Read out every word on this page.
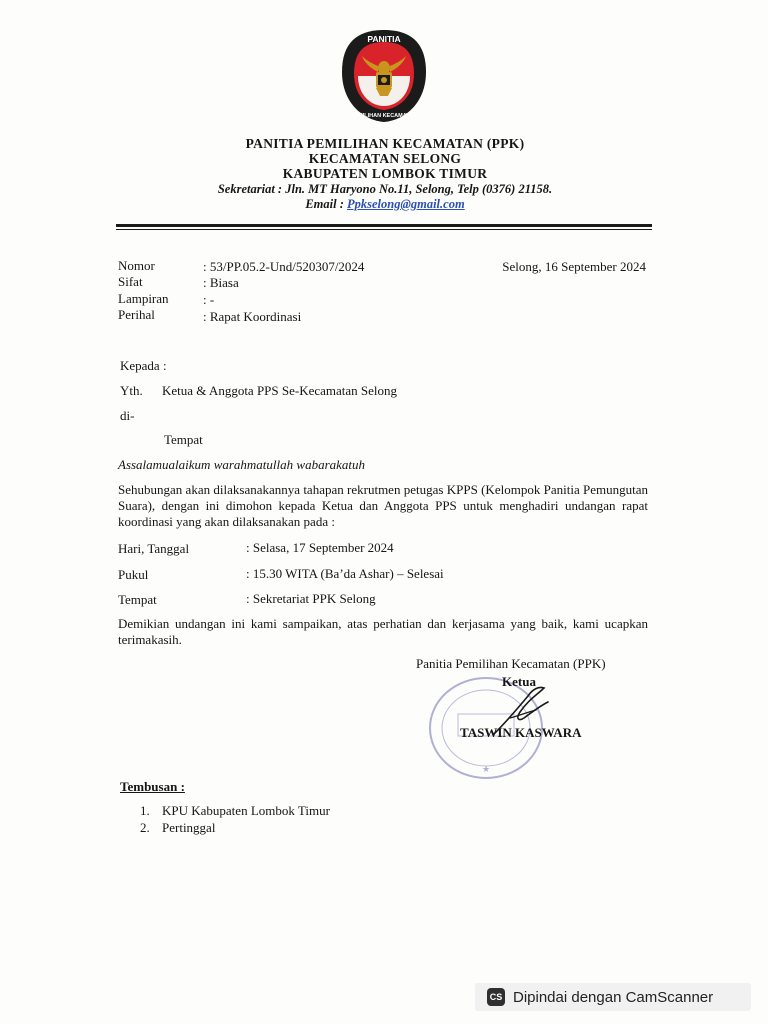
PANITIA
PEMILIHAN KECAMATAN
PANITIA PEMILIHAN KECAMATAN (PPK)
KECAMATAN SELONG
KABUPATEN LOMBOK TIMUR
Sekretariat : Jln. MT Haryono No.11, Selong, Telp (0376) 21158.
Email : Ppkselong@gmail.com
Nomor	: 53/PP.05.2-Und/520307/2024	Selong, 16 September 2024
Sifat	: Biasa
Lampiran	: -
Perihal	: Rapat Koordinasi
Kepada :
Yth. Ketua & Anggota PPS Se-Kecamatan Selong
di-
Tempat
Assalamualaikum warahmatullah wabarakatuh
Sehubungan akan dilaksanakannya tahapan rekrutmen petugas KPPS (Kelompok Panitia Pemungutan Suara), dengan ini dimohon kepada Ketua dan Anggota PPS untuk menghadiri undangan rapat koordinasi yang akan dilaksanakan pada :
Hari, Tanggal	: Selasa, 17 September 2024
Pukul	: 15.30 WITA (Ba’da Ashar) – Selesai
Tempat	: Sekretariat PPK Selong
Demikian undangan ini kami sampaikan, atas perhatian dan kerjasama yang baik, kami ucapkan terimakasih.
★
Panitia Pemilihan Kecamatan (PPK)
Ketua
TASWIN KASWARA
Tembusan :
1. KPU Kabupaten Lombok Timur
2. Pertinggal
CS Dipindai dengan CamScanner
